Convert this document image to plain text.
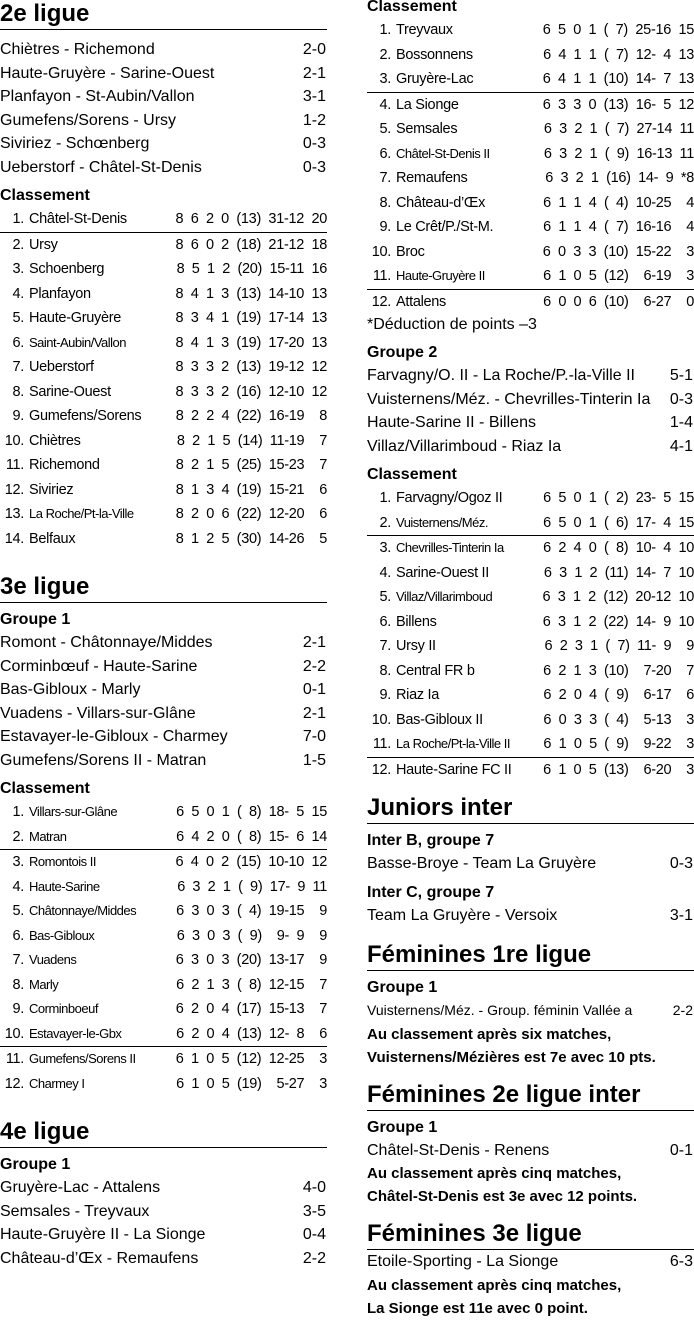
2e ligue
Chiètres - Richemond	2-0
Haute-Gruyère - Sarine-Ouest	2-1
Planfayon - St-Aubin/Vallon	3-1
Gumefens/Sorens - Ursy	1-2
Siviriez - Schœnberg	0-3
Ueberstorf - Châtel-St-Denis	0-3
Classement
1. Châtel-St-Denis	8  6  2  0  (13)  31-12  20
2. Ursy	8  6  0  2  (18)  21-12  18
3. Schoenberg	8  5  1  2  (20)  15-11  16
4. Planfayon	8  4  1  3  (13)  14-10  13
5. Haute-Gruyère	8  3  4  1  (19)  17-14  13
6. Saint-Aubin/Vallon	8  4  1  3  (19)  17-20  13
7. Ueberstorf	8  3  3  2  (13)  19-12  12
8. Sarine-Ouest	8  3  3  2  (16)  12-10  12
9. Gumefens/Sorens	8  2  2  4  (22)  16-19    8
10. Chiètres	8  2  1  5  (14)  11-19    7
11. Richemond	8  2  1  5  (25)  15-23    7
12. Siviriez	8  1  3  4  (19)  15-21    6
13. La Roche/Pt-la-Ville	8  2  0  6  (22)  12-20    6
14. Belfaux	8  1  2  5  (30)  14-26    5
3e ligue
Groupe 1
Romont - Châtonnaye/Middes	2-1
Corminbœuf - Haute-Sarine	2-2
Bas-Gibloux - Marly	0-1
Vuadens - Villars-sur-Glâne	2-1
Estavayer-le-Gibloux - Charmey	7-0
Gumefens/Sorens II - Matran	1-5
Classement
1. Villars-sur-Glâne	6  5  0  1  (  8)  18-  5  15
2. Matran	6  4  2  0  (  8)  15-  6  14
3. Romontois II	6  4  0  2  (15)  10-10  12
4. Haute-Sarine	6  3  2  1  (  9)  17-  9  11
5. Châtonnaye/Middes	6  3  0  3  (  4)  19-15    9
6. Bas-Gibloux	6  3  0  3  (  9)    9-  9    9
7. Vuadens	6  3  0  3  (20)  13-17    9
8. Marly	6  2  1  3  (  8)  12-15    7
9. Corminboeuf	6  2  0  4  (17)  15-13    7
10. Estavayer-le-Gbx	6  2  0  4  (13)  12-  8    6
11. Gumefens/Sorens II	6  1  0  5  (12)  12-25    3
12. Charmey I	6  1  0  5  (19)    5-27    3
4e ligue
Groupe 1
Gruyère-Lac - Attalens	4-0
Semsales - Treyvaux	3-5
Haute-Gruyère II - La Sionge	0-4
Château-d’Œx - Remaufens	2-2
Classement
1. Treyvaux	6  5  0  1  (  7)  25-16  15
2. Bossonnens	6  4  1  1  (  7)  12-  4  13
3. Gruyère-Lac	6  4  1  1  (10)  14-  7  13
4. La Sionge	6  3  3  0  (13)  16-  5  12
5. Semsales	6  3  2  1  (  7)  27-14  11
6. Châtel-St-Denis II	6  3  2  1  (  9)  16-13  11
7. Remaufens	6  3  2  1  (16)  14-  9  *8
8. Château-d’Œx	6  1  1  4  (  4)  10-25    4
9. Le Crêt/P./St-M.	6  1  1  4  (  7)  16-16    4
10. Broc	6  0  3  3  (10)  15-22    3
11. Haute-Gruyère II	6  1  0  5  (12)    6-19    3
12. Attalens	6  0  0  6  (10)    6-27    0
*Déduction de points –3
Groupe 2
Farvagny/O. II - La Roche/P.-la-Ville II 5-1
Vuisternens/Méz. - Chevrilles-Tinterin Ia 0-3
Haute-Sarine II - Billens	1-4
Villaz/Villarimboud - Riaz Ia	4-1
Classement
1. Farvagny/Ogoz II	6  5  0  1  (  2)  23-  5  15
2. Vuisternens/Méz.	6  5  0  1  (  6)  17-  4  15
3. Chevrilles-Tinterin Ia	6  2  4  0  (  8)  10-  4  10
4. Sarine-Ouest II	6  3  1  2  (11)  14-  7  10
5. Villaz/Villarimboud	6  3  1  2  (12)  20-12  10
6. Billens	6  3  1  2  (22)  14-  9  10
7. Ursy II	6  2  3  1  (  7)  11-  9    9
8. Central FR b	6  2  1  3  (10)    7-20    7
9. Riaz Ia	6  2  0  4  (  9)    6-17    6
10. Bas-Gibloux II	6  0  3  3  (  4)    5-13    3
11. La Roche/Pt-la-Ville II	6  1  0  5  (  9)    9-22    3
12. Haute-Sarine FC II	6  1  0  5  (13)    6-20    3
Juniors inter
Inter B, groupe 7
Basse-Broye - Team La Gruyère	0-3
Inter C, groupe 7
Team La Gruyère - Versoix	3-1
Féminines 1re ligue
Groupe 1
Vuisternens/Méz. - Group. féminin Vallée a	2-2
Au classement après six matches,
Vuisternens/Mézières est 7e avec 10 pts.
Féminines 2e ligue inter
Groupe 1
Châtel-St-Denis - Renens	0-1
Au classement après cinq matches,
Châtel-St-Denis est 3e avec 12 points.
Féminines 3e ligue
Etoile-Sporting - La Sionge	6-3
Au classement après cinq matches,
La Sionge est 11e avec 0 point.
